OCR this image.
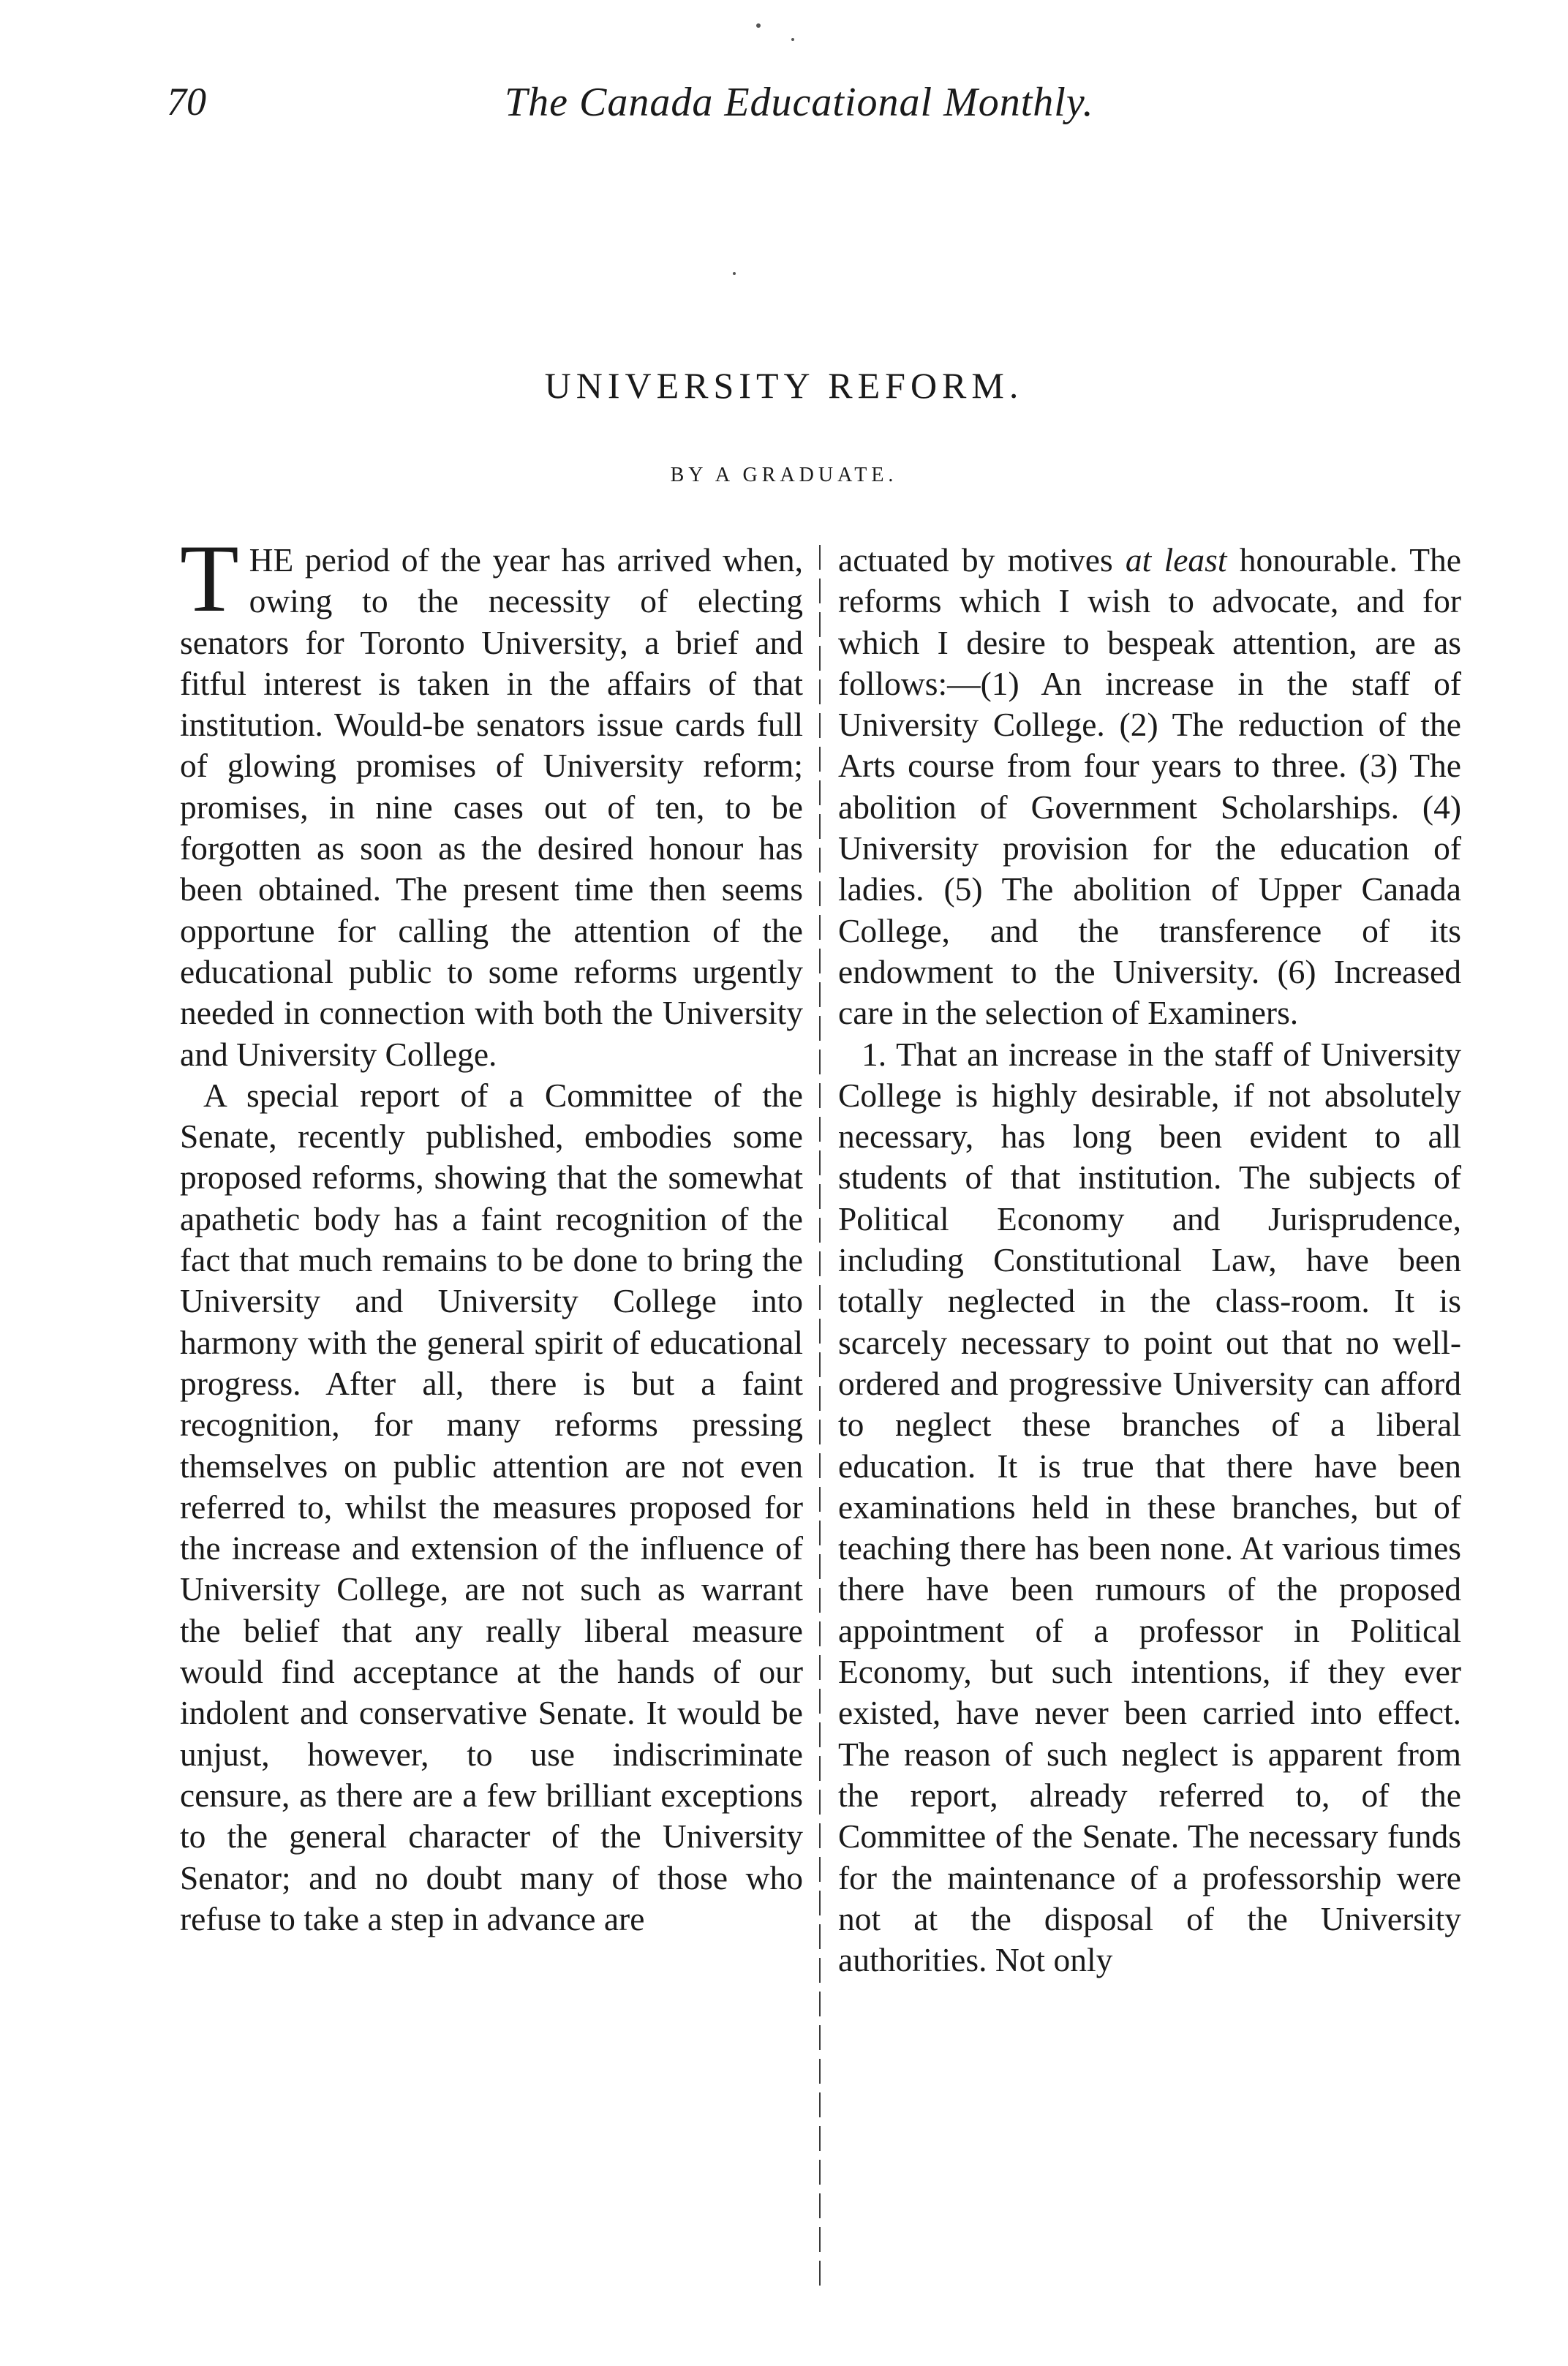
70	The Canada Educational Monthly.
UNIVERSITY REFORM.
BY A GRADUATE.

THE period of the year has arrived when, owing to the necessity of electing senators for Toronto University, a brief and fitful interest is taken in the affairs of that institution. Would-be senators issue cards full of glowing promises of University reform; promises, in nine cases out of ten, to be forgotten as soon as the desired honour has been obtained. The present time then seems opportune for calling the attention of the educational public to some reforms urgently needed in connection with both the University and University College.

A special report of a Committee of the Senate, recently published, embodies some proposed reforms, showing that the somewhat apathetic body has a faint recognition of the fact that much remains to be done to bring the University and University College into harmony with the general spirit of educational progress. After all, there is but a faint recognition, for many reforms pressing themselves on public attention are not even referred to, whilst the measures proposed for the increase and extension of the influence of University College, are not such as warrant the belief that any really liberal measure would find acceptance at the hands of our indolent and conservative Senate. It would be unjust, however, to use indiscriminate censure, as there are a few brilliant exceptions to the general character of the University Senator; and no doubt many of those who refuse to take a step in advance are

actuated by motives at least honourable. The reforms which I wish to advocate, and for which I desire to bespeak attention, are as follows:—(1) An increase in the staff of University College. (2) The reduction of the Arts course from four years to three. (3) The abolition of Government Scholarships. (4) University provision for the education of ladies. (5) The abolition of Upper Canada College, and the transference of its endowment to the University. (6) Increased care in the selection of Examiners.

1. That an increase in the staff of University College is highly desirable, if not absolutely necessary, has long been evident to all students of that institution. The subjects of Political Economy and Jurisprudence, including Constitutional Law, have been totally neglected in the class-room. It is scarcely necessary to point out that no well-ordered and progressive University can afford to neglect these branches of a liberal education. It is true that there have been examinations held in these branches, but of teaching there has been none. At various times there have been rumours of the proposed appointment of a professor in Political Economy, but such intentions, if they ever existed, have never been carried into effect. The reason of such neglect is apparent from the report, already referred to, of the Committee of the Senate. The necessary funds for the maintenance of a professorship were not at the disposal of the University authorities. Not only
